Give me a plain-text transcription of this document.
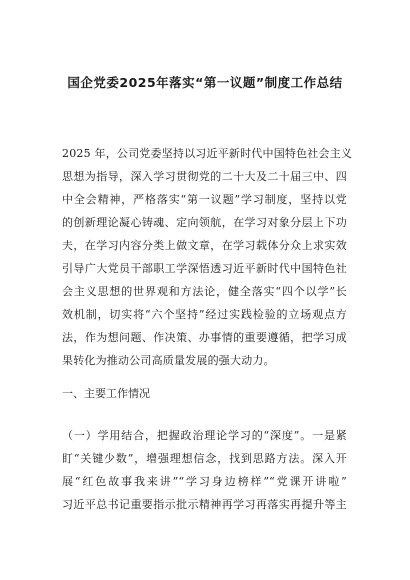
国企党委2025年落实“第一议题”制度工作总结
2025 年，公司党委坚持以习近平新时代中国特色社会主义
思想为指导，深入学习贯彻党的二十大及二十届三中、四
中全会精神，严格落实“第一议题”学习制度，坚持以党
的创新理论凝心铸魂、定向领航，在学习对象分层上下功
夫，在学习内容分类上做文章，在学习载体分众上求实效
引导广大党员干部职工学深悟透习近平新时代中国特色社
会主义思想的世界观和方法论，健全落实“四个以学”长
效机制，切实将“六个坚持”经过实践检验的立场观点方
法，作为想问题、作决策、办事情的重要遵循，把学习成
果转化为推动公司高质量发展的强大动力。
一、主要工作情况
（一）学用结合，把握政治理论学习的“深度”。一是紧
盯“关键少数”，增强理想信念，找到思路方法。深入开
展“红色故事我来讲”“学习身边榜样”“党课开讲啦”
习近平总书记重要指示批示精神再学习再落实再提升等主
